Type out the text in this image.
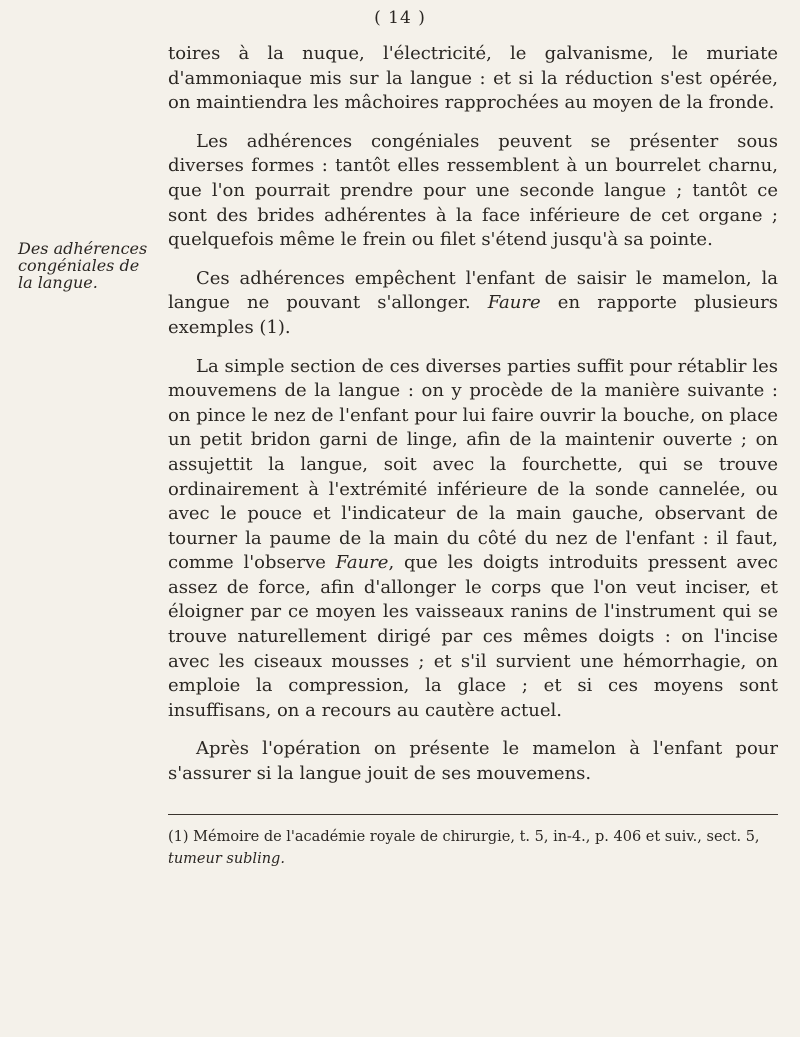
( 14 )
Des adhérences congéniales de la langue.

toires à la nuque, l'électricité, le galvanisme, le muriate d'ammoniaque mis sur la langue : et si la réduction s'est opérée, on maintiendra les mâchoires rapprochées au moyen de la fronde.

Les adhérences congéniales peuvent se présenter sous diverses formes : tantôt elles ressemblent à un bourrelet charnu, que l'on pourrait prendre pour une seconde langue ; tantôt ce sont des brides adhérentes à la face inférieure de cet organe ; quelquefois même le frein ou filet s'étend jusqu'à sa pointe.

Ces adhérences empêchent l'enfant de saisir le mamelon, la langue ne pouvant s'allonger. Faure en rapporte plusieurs exemples (1).

La simple section de ces diverses parties suffit pour rétablir les mouvemens de la langue : on y procède de la manière suivante : on pince le nez de l'enfant pour lui faire ouvrir la bouche, on place un petit bridon garni de linge, afin de la maintenir ouverte ; on assujettit la langue, soit avec la fourchette, qui se trouve ordinairement à l'extrémité inférieure de la sonde cannelée, ou avec le pouce et l'indicateur de la main gauche, observant de tourner la paume de la main du côté du nez de l'enfant : il faut, comme l'observe Faure, que les doigts introduits pressent avec assez de force, afin d'allonger le corps que l'on veut inciser, et éloigner par ce moyen les vaisseaux ranins de l'instrument qui se trouve naturellement dirigé par ces mêmes doigts : on l'incise avec les ciseaux mousses ; et s'il survient une hémorrhagie, on emploie la compression, la glace ; et si ces moyens sont insuffisans, on a recours au cautère actuel.

Après l'opération on présente le mamelon à l'enfant pour s'assurer si la langue jouit de ses mouvemens.

(1) Mémoire de l'académie royale de chirurgie, t. 5, in-4., p. 406 et suiv., sect. 5, tumeur subling.
